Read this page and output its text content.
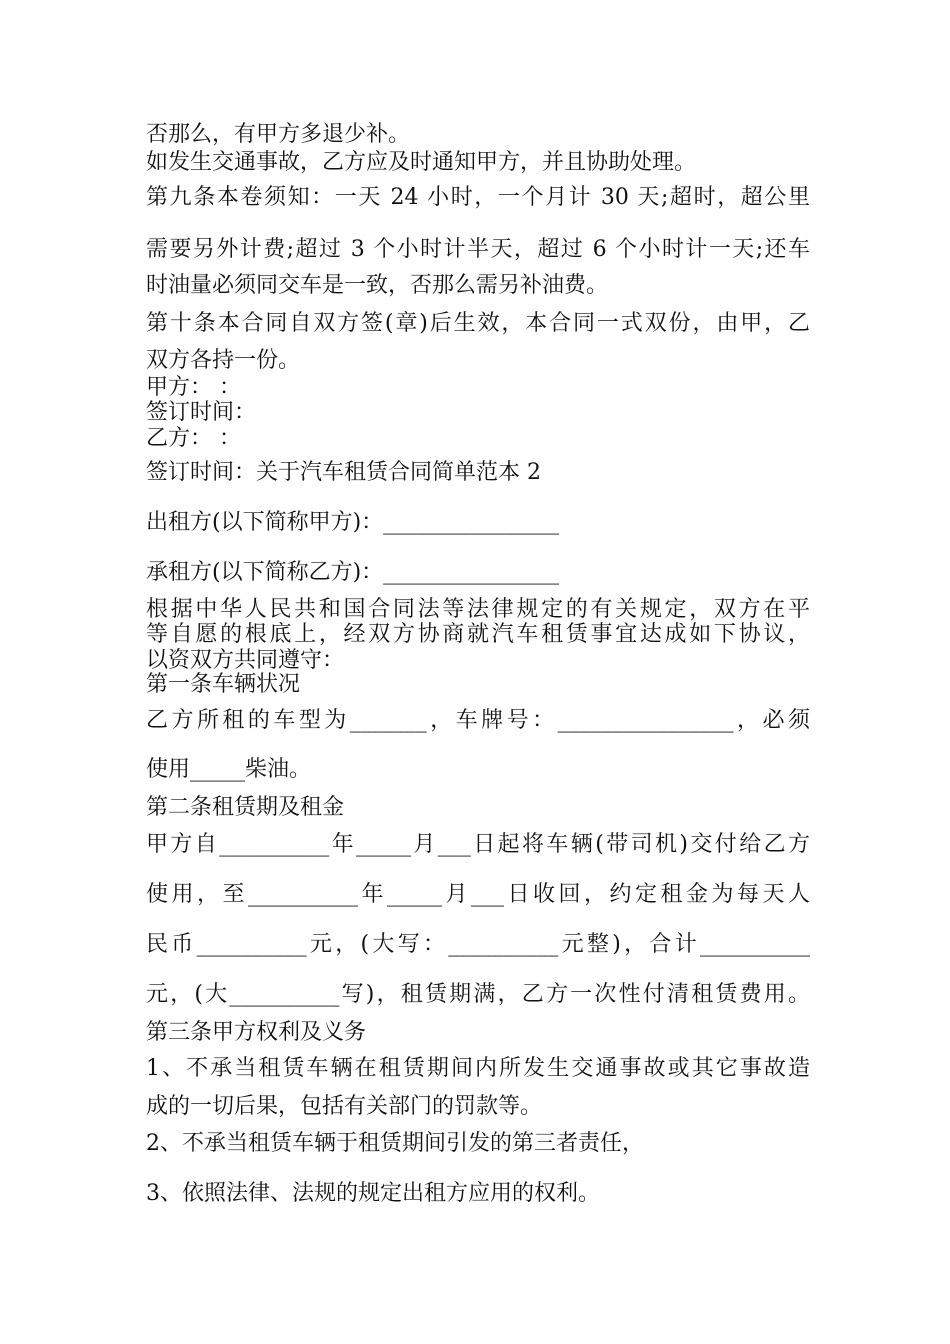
否那么，有甲方多退少补。
如发生交通事故，乙方应及时通知甲方，并且协助处理。
第九条本卷须知：一天 24 小时，一个月计 30 天;超时，超公里
需要另外计费;超过 3 个小时计半天，超过 6 个小时计一天;还车
时油量必须同交车是一致，否那么需另补油费。
第十条本合同自双方签(章)后生效，本合同一式双份，由甲，乙
双方各持一份。
甲方： ：
签订时间：
乙方： ：
签订时间：关于汽车租赁合同简单范本 2
出租方(以下简称甲方)：________________
承租方(以下简称乙方)：________________
根据中华人民共和国合同法等法律规定的有关规定，双方在平
等自愿的根底上，经双方协商就汽车租赁事宜达成如下协议，
以资双方共同遵守：
第一条车辆状况
乙方所租的车型为_______，车牌号：________________，必须
使用_____柴油。
第二条租赁期及租金
甲方自__________年_____月___日起将车辆(带司机)交付给乙方
使用，至__________年_____月___日收回，约定租金为每天人
民币__________元，(大写：__________元整)，合计__________
元，(大__________写)，租赁期满，乙方一次性付清租赁费用。
第三条甲方权利及义务
1、不承当租赁车辆在租赁期间内所发生交通事故或其它事故造
成的一切后果，包括有关部门的罚款等。
2、不承当租赁车辆于租赁期间引发的第三者责任，
3、依照法律、法规的规定出租方应用的权利。
